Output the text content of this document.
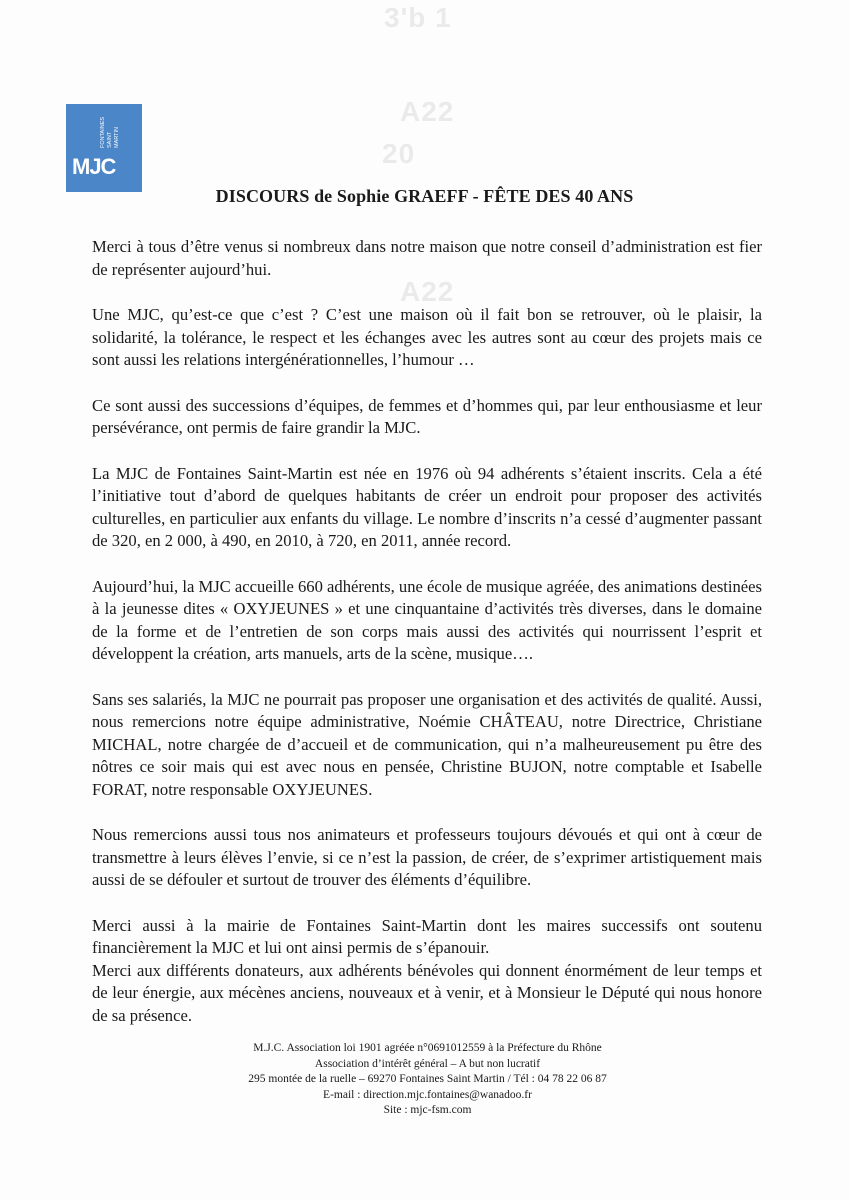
3'b 1
A22
20
A22
FONTAINES SAINT MARTIN
MJC
DISCOURS de Sophie GRAEFF - FÊTE DES 40 ANS

Merci à tous d’être venus si nombreux dans notre maison que notre conseil d’administration est fier de représenter aujourd’hui.

Une MJC, qu’est-ce que c’est ? C’est une maison où il fait bon se retrouver, où le plaisir, la solidarité, la tolérance, le respect et les échanges avec les autres sont au cœur des projets mais ce sont aussi les relations intergénérationnelles, l’humour …

Ce sont aussi des successions d’équipes, de femmes et d’hommes qui, par leur enthousiasme et leur persévérance, ont permis de faire grandir la MJC.

La MJC de Fontaines Saint-Martin est née en 1976 où 94 adhérents s’étaient inscrits. Cela a été l’initiative tout d’abord de quelques habitants de créer un endroit pour proposer des activités culturelles, en particulier aux enfants du village. Le nombre d’inscrits n’a cessé d’augmenter passant de 320, en 2 000, à 490, en 2010, à 720, en 2011, année record.

Aujourd’hui, la MJC accueille 660 adhérents, une école de musique agréée, des animations destinées à la jeunesse dites « OXYJEUNES » et une cinquantaine d’activités très diverses, dans le domaine de la forme et de l’entretien de son corps mais aussi des activités qui nourrissent l’esprit et développent la création, arts manuels, arts de la scène, musique….

Sans ses salariés, la MJC ne pourrait pas proposer une organisation et des activités de qualité. Aussi, nous remercions notre équipe administrative, Noémie CHÂTEAU, notre Directrice, Christiane MICHAL, notre chargée de d’accueil et de communication, qui n’a malheureusement pu être des nôtres ce soir mais qui est avec nous en pensée, Christine BUJON, notre comptable et Isabelle FORAT, notre responsable OXYJEUNES.

Nous remercions aussi tous nos animateurs et professeurs toujours dévoués et qui ont à cœur de transmettre à leurs élèves l’envie, si ce n’est la passion, de créer, de s’exprimer artistiquement mais aussi de se défouler et surtout de trouver des éléments d’équilibre.

Merci aussi à la mairie de Fontaines Saint-Martin dont les maires successifs ont soutenu financièrement la MJC et lui ont ainsi permis de s’épanouir.

Merci aux différents donateurs, aux adhérents bénévoles qui donnent énormément de leur temps et de leur énergie, aux mécènes anciens, nouveaux et à venir, et à Monsieur le Député qui nous honore de sa présence.

M.J.C. Association loi 1901 agréée n°0691012559 à la Préfecture du Rhône
Association d’intérêt général – A but non lucratif
295 montée de la ruelle – 69270 Fontaines Saint Martin / Tél : 04 78 22 06 87
E-mail : direction.mjc.fontaines@wanadoo.fr
Site : mjc-fsm.com
